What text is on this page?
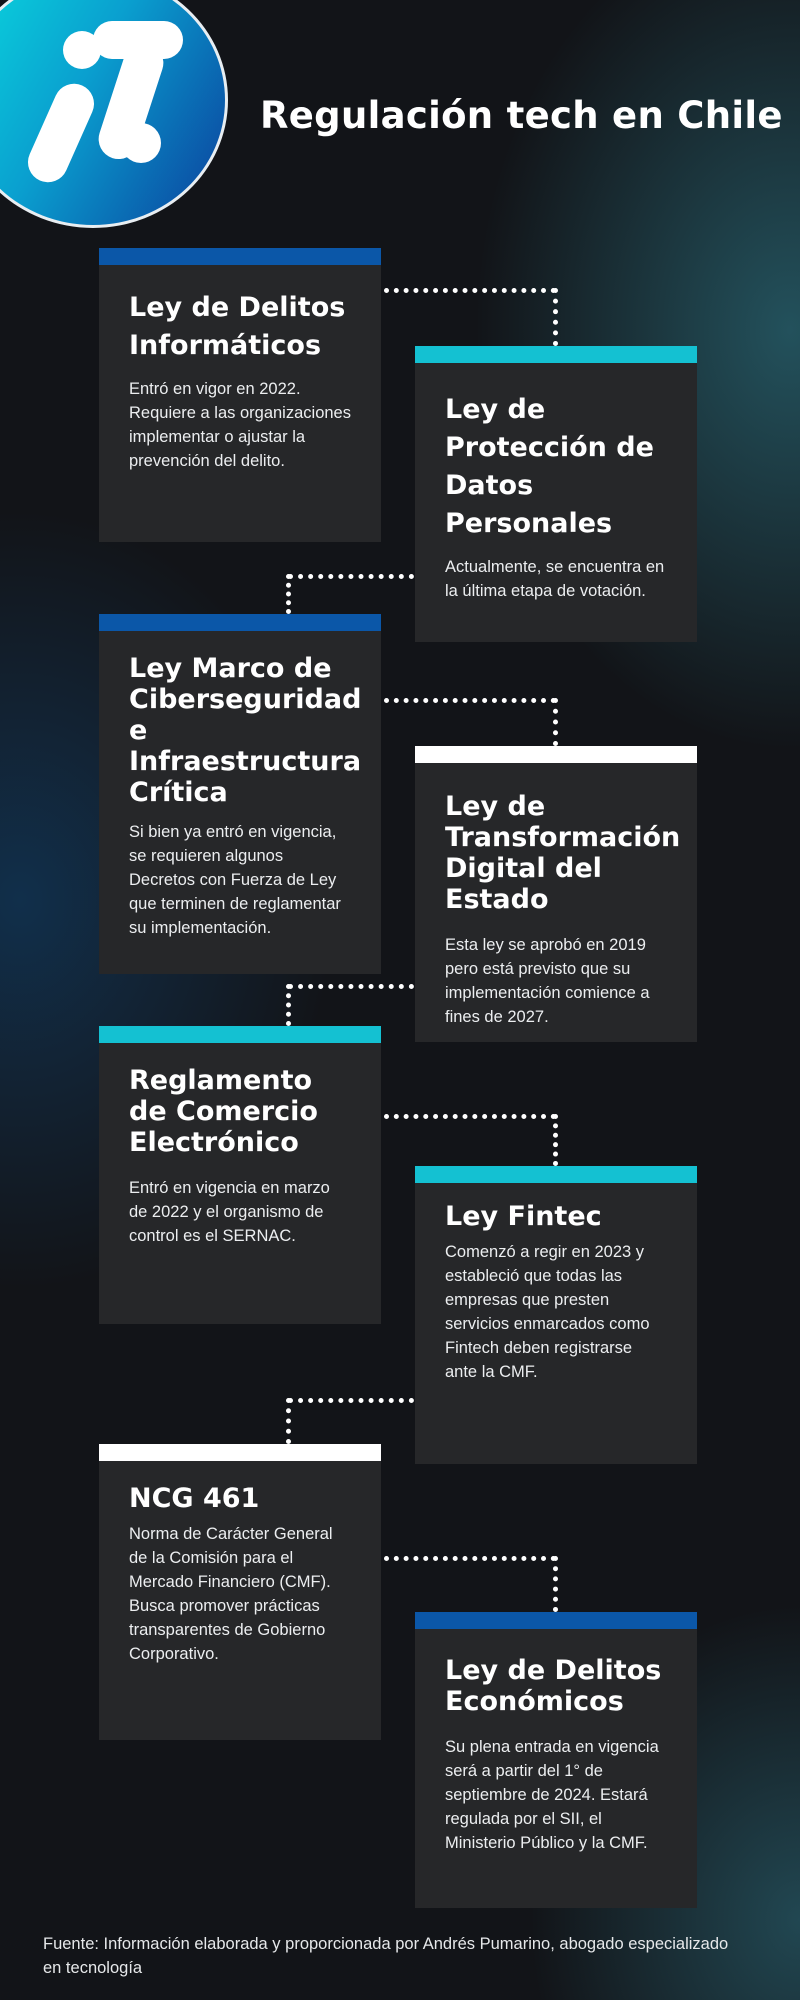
Regulación tech en Chile
Ley de Delitos Informáticos

Entró en vigor en 2022. Requiere a las organizaciones implementar o ajustar la prevención del delito.

Ley de Protección de Datos Personales

Actualmente, se encuentra en la última etapa de votación.

Ley Marco de Ciberseguridad e Infraestructura Crítica

Si bien ya entró en vigencia, se requieren algunos Decretos con Fuerza de Ley que terminen de reglamentar su implementación.

Ley de Transformación Digital del Estado

Esta ley se aprobó en 2019 pero está previsto que su implementación comience a fines de 2027.

Reglamento de Comercio Electrónico

Entró en vigencia en marzo de 2022 y el organismo de control es el SERNAC.

Ley Fintec

Comenzó a regir en 2023 y estableció que todas las empresas que presten servicios enmarcados como Fintech deben registrarse ante la CMF.

NCG 461

Norma de Carácter General de la Comisión para el Mercado Financiero (CMF). Busca promover prácticas transparentes de Gobierno Corporativo.

Ley de Delitos Económicos

Su plena entrada en vigencia será a partir del 1° de septiembre de 2024. Estará regulada por el SII, el Ministerio Público y la CMF.

Fuente: Información elaborada y proporcionada por Andrés Pumarino, abogado especializado en tecnología
